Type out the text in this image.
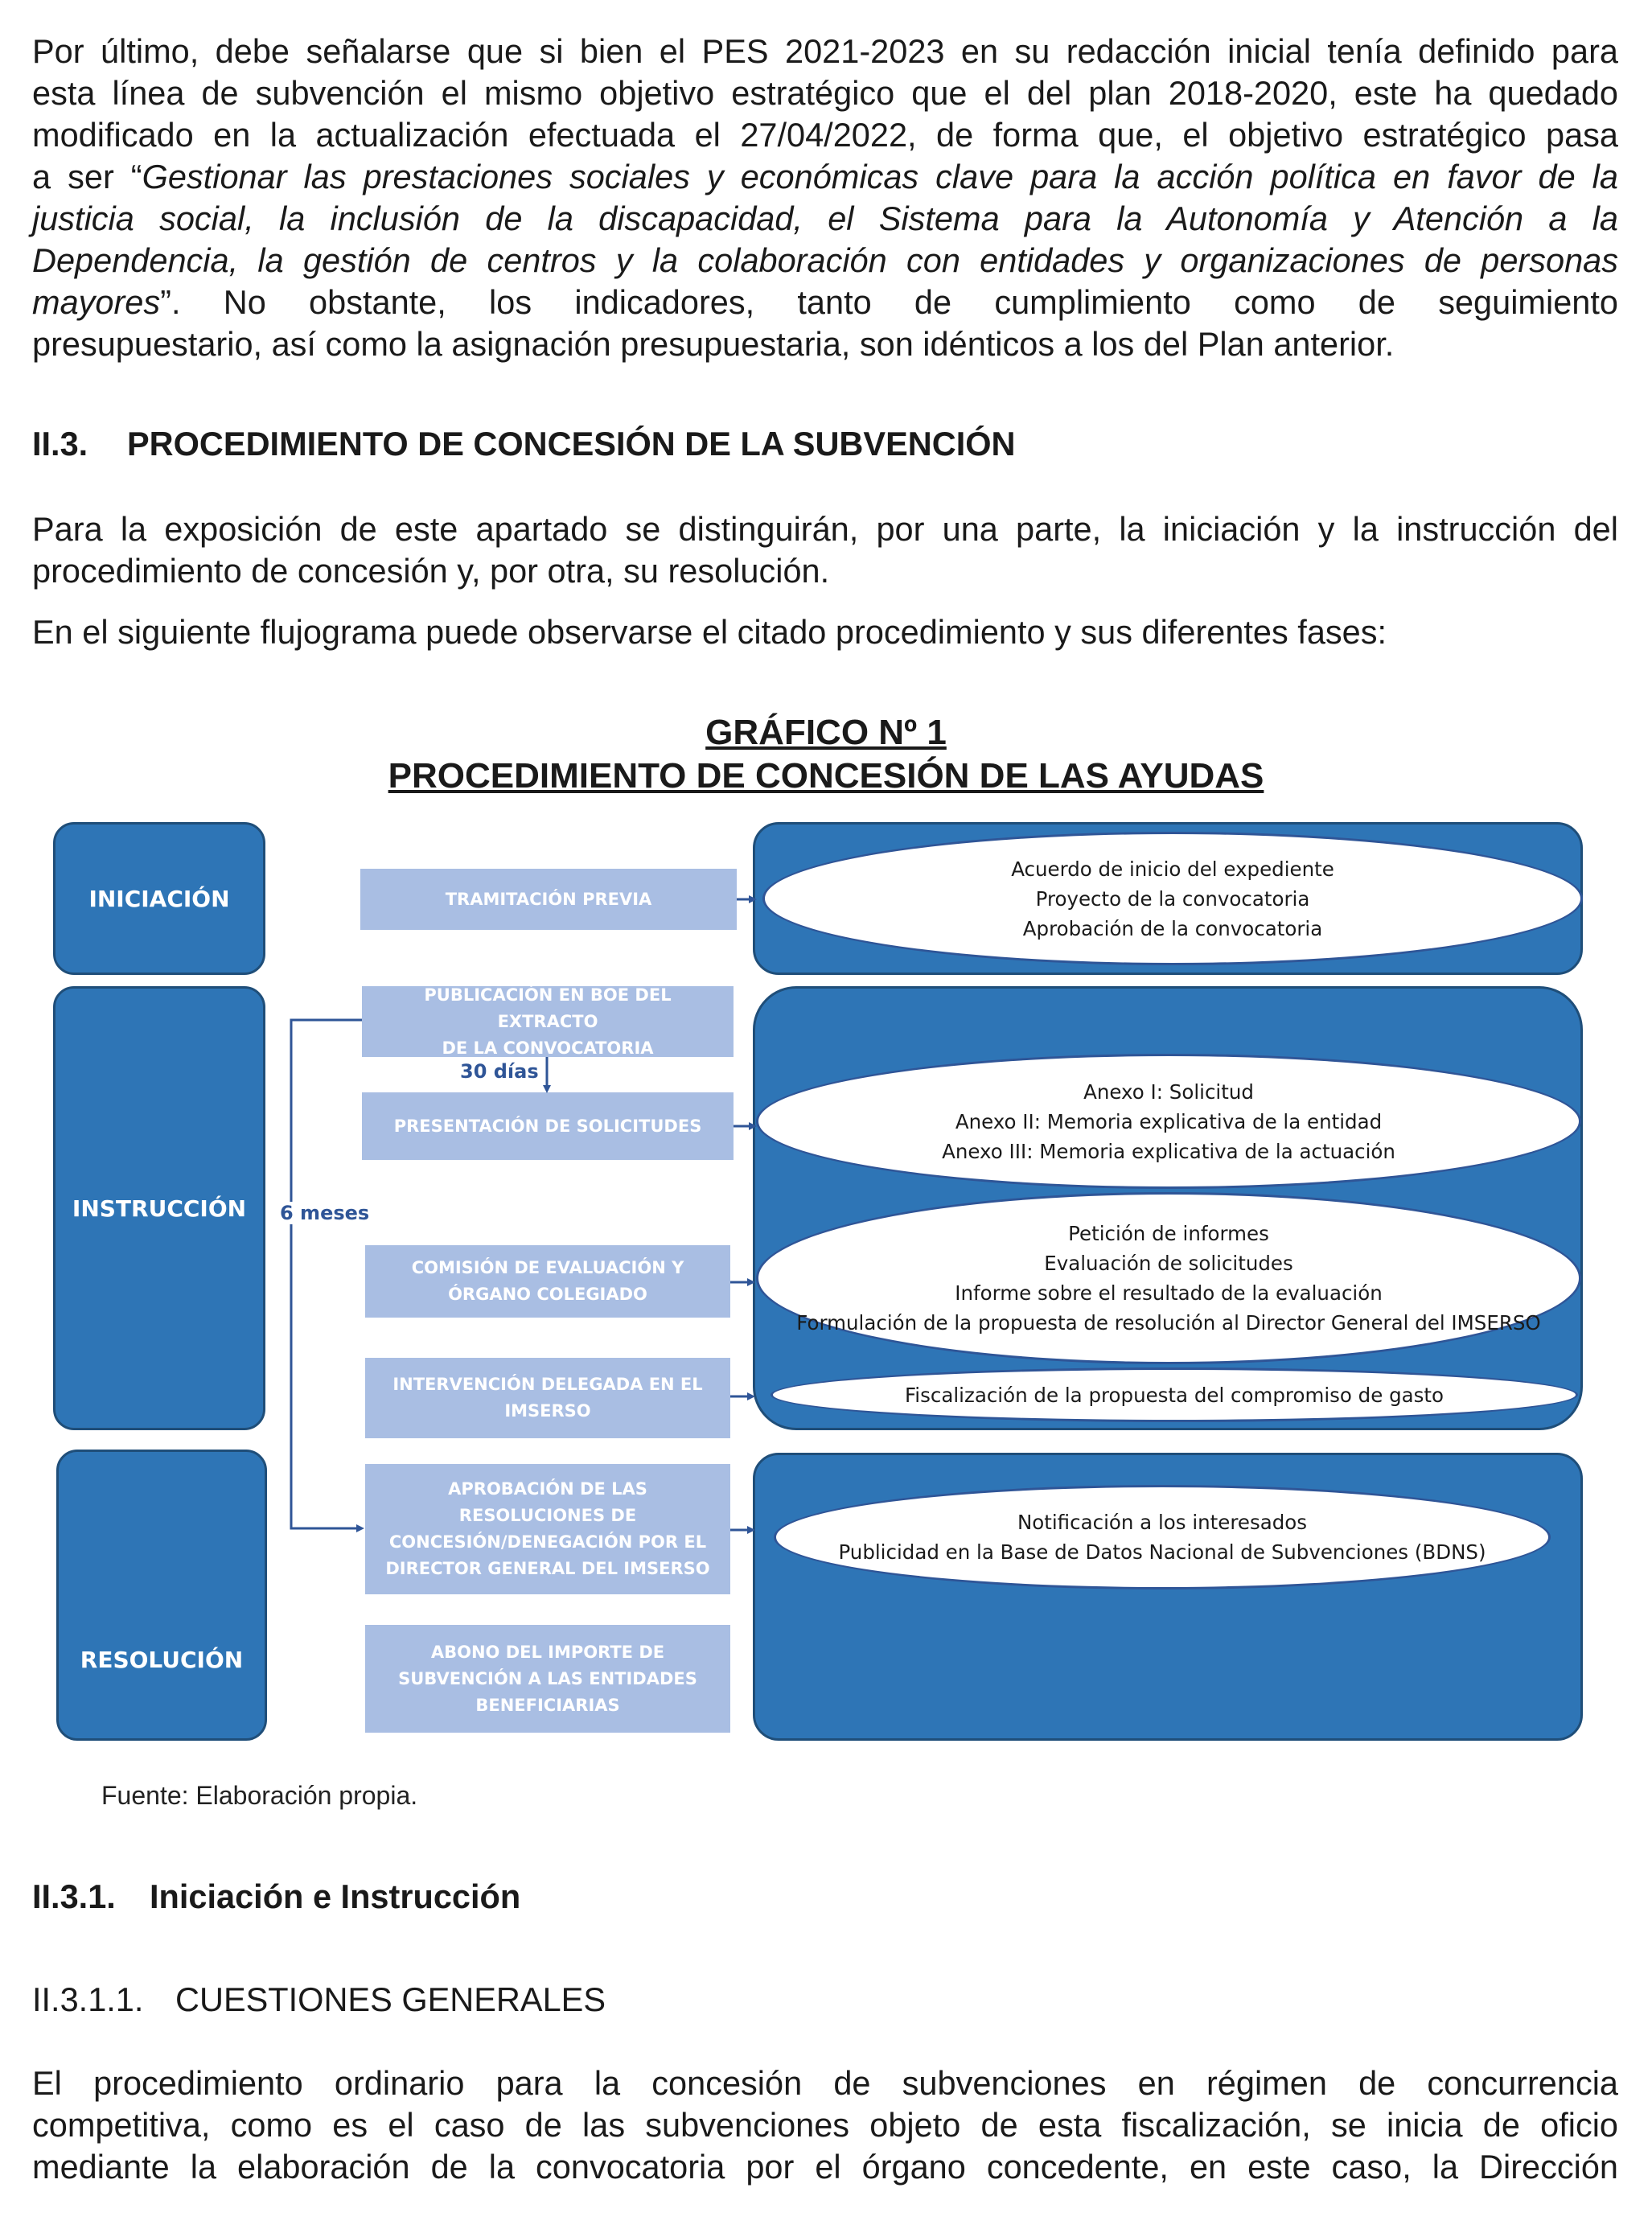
Por último, debe señalarse que si bien el PES 2021-2023 en su redacción inicial tenía definido para
esta línea de subvención el mismo objetivo estratégico que el del plan 2018-2020, este ha quedado
modificado en la actualización efectuada el 27/04/2022, de forma que, el objetivo estratégico pasa
a ser “Gestionar las prestaciones sociales y económicas clave para la acción política en favor de la
justicia social, la inclusión de la discapacidad, el Sistema para la Autonomía y Atención a la
Dependencia, la gestión de centros y la colaboración con entidades y organizaciones de personas
mayores”. No obstante, los indicadores, tanto de cumplimiento como de seguimiento
presupuestario, así como la asignación presupuestaria, son idénticos a los del Plan anterior.
II.3. PROCEDIMIENTO DE CONCESIÓN DE LA SUBVENCIÓN
Para la exposición de este apartado se distinguirán, por una parte, la iniciación y la instrucción del
procedimiento de concesión y, por otra, su resolución.
En el siguiente flujograma puede observarse el citado procedimiento y sus diferentes fases:
GRÁFICO Nº 1
PROCEDIMIENTO DE CONCESIÓN DE LAS AYUDAS
INICIACIÓN
INSTRUCCIÓN
RESOLUCIÓN
TRAMITACIÓN PREVIA
PUBLICACIÓN EN BOE DEL EXTRACTO
DE LA CONVOCATORIA
PRESENTACIÓN DE SOLICITUDES
COMISIÓN DE EVALUACIÓN Y
ÓRGANO COLEGIADO
INTERVENCIÓN DELEGADA EN EL
IMSERSO
APROBACIÓN DE LAS
RESOLUCIONES DE
CONCESIÓN/DENEGACIÓN POR EL
DIRECTOR GENERAL DEL IMSERSO
ABONO DEL IMPORTE DE
SUBVENCIÓN A LAS ENTIDADES
BENEFICIARIAS
Acuerdo de inicio del expediente
Proyecto de la convocatoria
Aprobación de la convocatoria
Anexo I: Solicitud
Anexo II: Memoria explicativa de la entidad
Anexo III: Memoria explicativa de la actuación
Petición de informes
Evaluación de solicitudes
Informe sobre el resultado de la evaluación
Formulación de la propuesta de resolución al Director General del IMSERSO
Fiscalización de la propuesta del compromiso de gasto
Notificación a los interesados
Publicidad en la Base de Datos Nacional de Subvenciones (BDNS)
30 días
6 meses

Fuente: Elaboración propia.

II.3.1. Iniciación e Instrucción
II.3.1.1. CUESTIONES GENERALES
El procedimiento ordinario para la concesión de subvenciones en régimen de concurrencia
competitiva, como es el caso de las subvenciones objeto de esta fiscalización, se inicia de oficio
mediante la elaboración de la convocatoria por el órgano concedente, en este caso, la Dirección
